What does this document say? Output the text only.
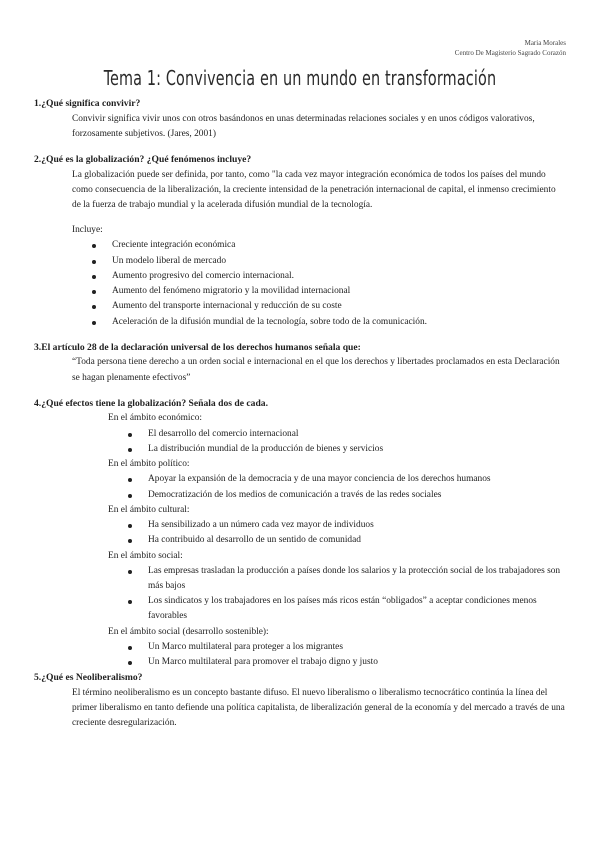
Maria Morales
Centro De Magisterio Sagrado Corazón
Tema 1: Convivencia en un mundo en transformación

1.¿Qué significa convivir?

Convivir significa vivir unos con otros basándonos en unas determinadas relaciones sociales y en unos códigos valorativos, forzosamente subjetivos. (Jares, 2001)

2.¿Qué es la globalización? ¿Qué fenómenos incluye?

La globalización puede ser definida, por tanto, como "la cada vez mayor integración económica de todos los países del mundo como consecuencia de la liberalización, la creciente intensidad de la penetración internacional de capital, el inmenso crecimiento de la fuerza de trabajo mundial y la acelerada difusión mundial de la tecnología.

Incluye:

Creciente integración económica
Un modelo liberal de mercado
Aumento progresivo del comercio internacional.
Aumento del fenómeno migratorio y la movilidad internacional
Aumento del transporte internacional y reducción de su coste
Aceleración de la difusión mundial de la tecnología, sobre todo de la comunicación.

3.El artículo 28 de la declaración universal de los derechos humanos señala que:

“Toda persona tiene derecho a un orden social e internacional en el que los derechos y libertades proclamados en esta Declaración se hagan plenamente efectivos”

4.¿Qué efectos tiene la globalización? Señala dos de cada.

En el ámbito económico:

El desarrollo del comercio internacional
La distribución mundial de la producción de bienes y servicios

En el ámbito político:

Apoyar la expansión de la democracia y de una mayor conciencia de los derechos humanos
Democratización de los medios de comunicación a través de las redes sociales

En el ámbito cultural:

Ha sensibilizado a un número cada vez mayor de individuos
Ha contribuido al desarrollo de un sentido de comunidad

En el ámbito social:

Las empresas trasladan la producción a países donde los salarios y la protección social de los trabajadores son más bajos
Los sindicatos y los trabajadores en los países más ricos están “obligados” a aceptar condiciones menos favorables

En el ámbito social (desarrollo sostenible):

Un Marco multilateral para proteger a los migrantes
Un Marco multilateral para promover el trabajo digno y justo

5.¿Qué es Neoliberalismo?

El término neoliberalismo es un concepto bastante difuso. El nuevo liberalismo o liberalismo tecnocrático continúa la línea del primer liberalismo en tanto defiende una política capitalista, de liberalización general de la economía y del mercado a través de una creciente desregularización.
